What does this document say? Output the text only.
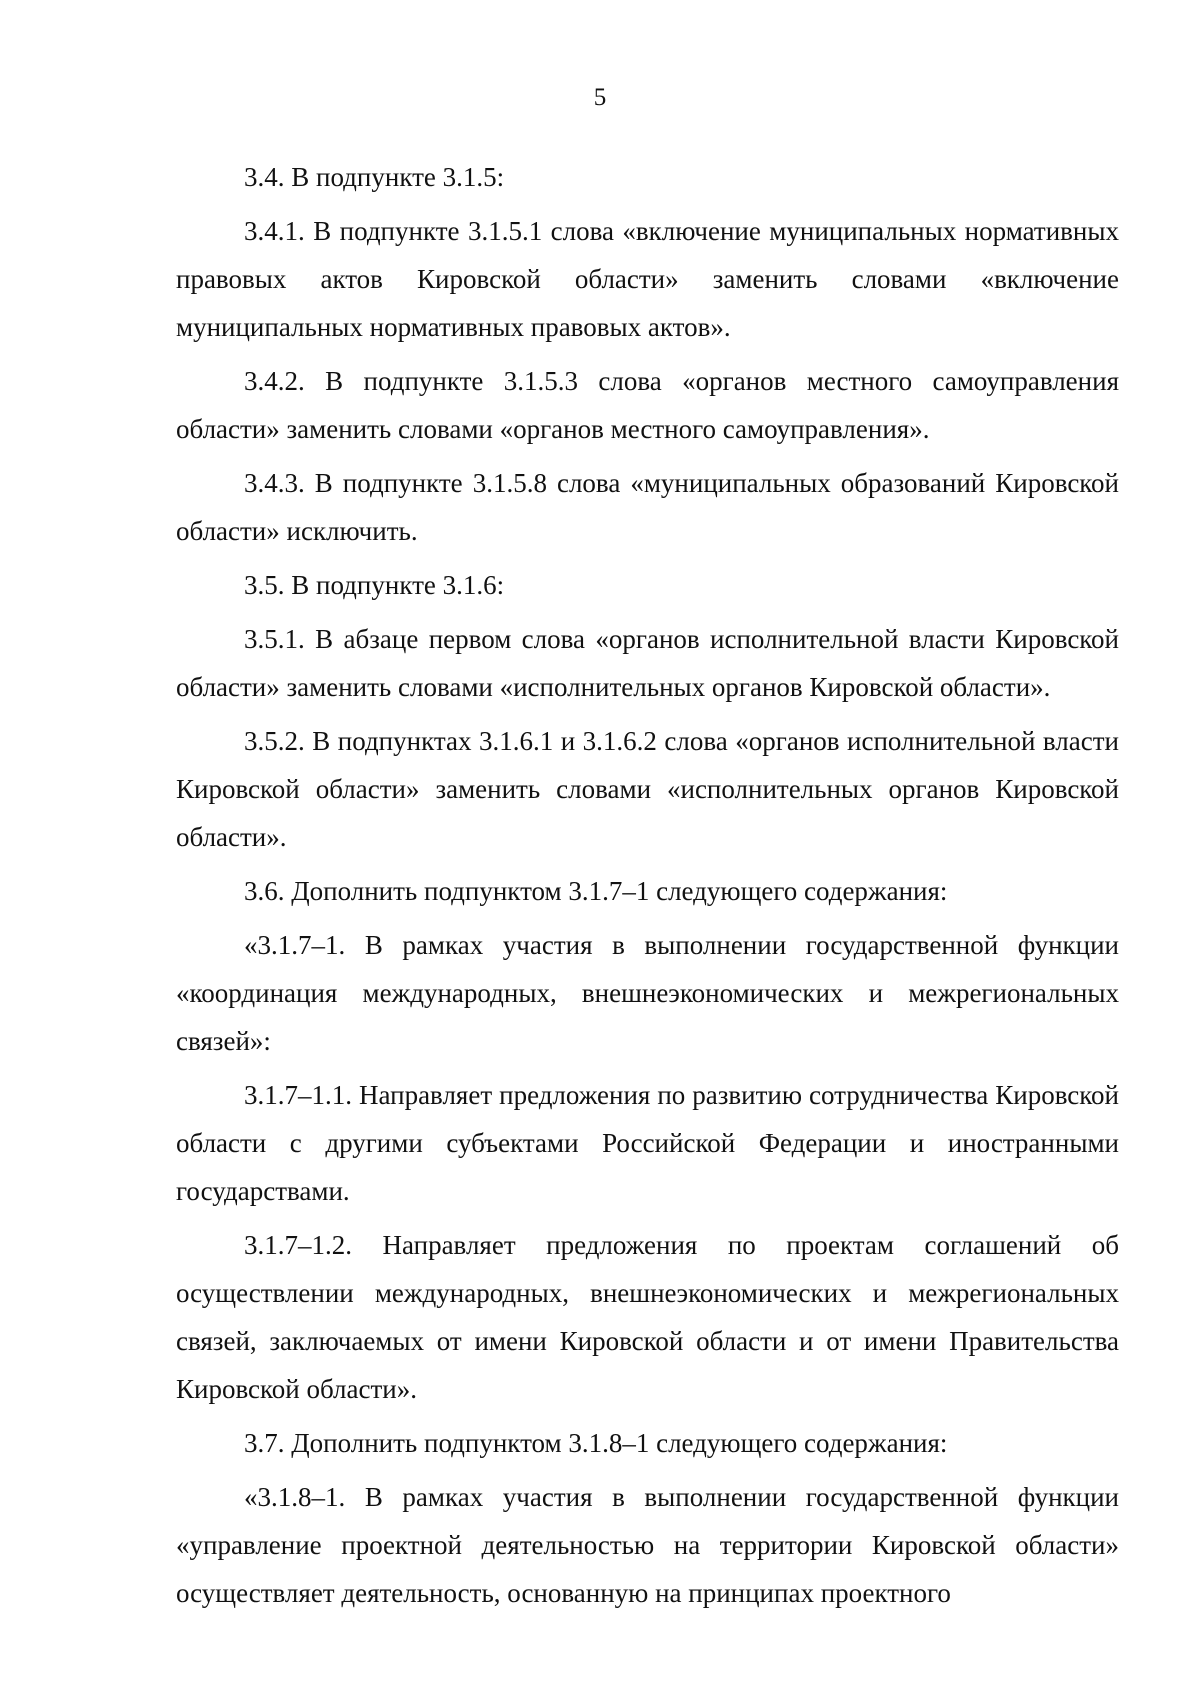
5

3.4. В подпункте 3.1.5:

3.4.1. В подпункте 3.1.5.1 слова «включение муниципальных нормативных правовых актов Кировской области» заменить словами «включение муниципальных нормативных правовых актов».

3.4.2. В подпункте 3.1.5.3 слова «органов местного самоуправления области» заменить словами «органов местного самоуправления».

3.4.3. В подпункте 3.1.5.8 слова «муниципальных образований Кировской области» исключить.

3.5. В подпункте 3.1.6:

3.5.1. В абзаце первом слова «органов исполнительной власти Кировской области» заменить словами «исполнительных органов Кировской области».

3.5.2. В подпунктах 3.1.6.1 и 3.1.6.2 слова «органов исполнительной власти Кировской области» заменить словами «исполнительных органов Кировской области».

3.6. Дополнить подпунктом 3.1.7–1 следующего содержания:

«3.1.7–1. В рамках участия в выполнении государственной функции «координация международных, внешнеэкономических и межрегиональных связей»:

3.1.7–1.1. Направляет предложения по развитию сотрудничества Кировской области с другими субъектами Российской Федерации и иностранными государствами.

3.1.7–1.2. Направляет предложения по проектам соглашений об осуществлении международных, внешнеэкономических и межрегиональных связей, заключаемых от имени Кировской области и от имени Правительства Кировской области».

3.7. Дополнить подпунктом 3.1.8–1 следующего содержания:

«3.1.8–1. В рамках участия в выполнении государственной функции «управление проектной деятельностью на территории Кировской области» осуществляет деятельность, основанную на принципах проектного
